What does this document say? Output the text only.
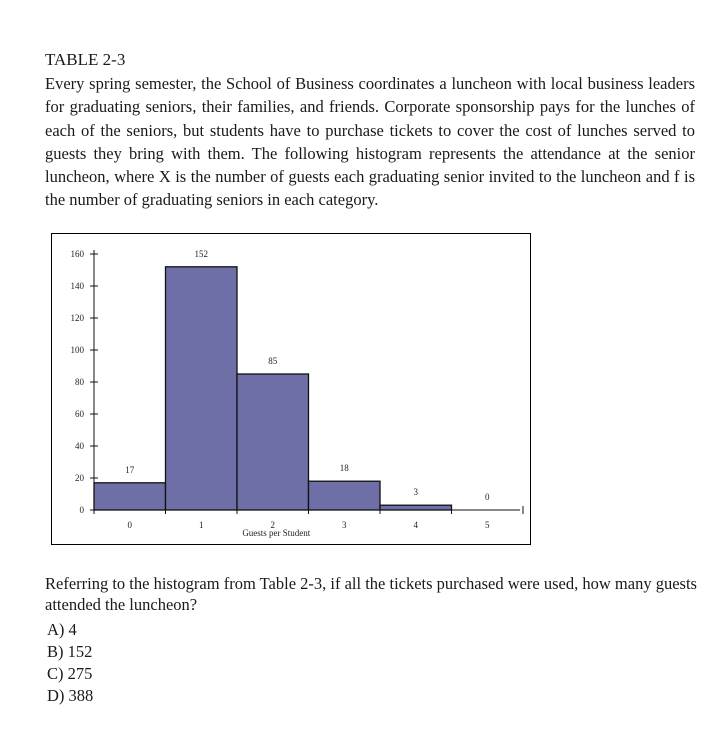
TABLE 2-3
Every spring semester, the School of Business coordinates a luncheon with local business leaders for graduating seniors, their families, and friends. Corporate sponsorship pays for the lunches of each of the seniors, but students have to purchase tickets to cover the cost of lunches served to guests they bring with them. The following histogram represents the attendance at the senior luncheon, where X is the number of guests each graduating senior invited to the luncheon and f is the number of graduating seniors in each category.
17
0
152
1
85
2
18
3
3
4
0
5
0
20
40
60
80
100
120
140
160
Guests per Student
Referring to the histogram from Table 2-3, if all the tickets purchased were used, how many guests attended the luncheon?
A) 4
B) 152
C) 275
D) 388
